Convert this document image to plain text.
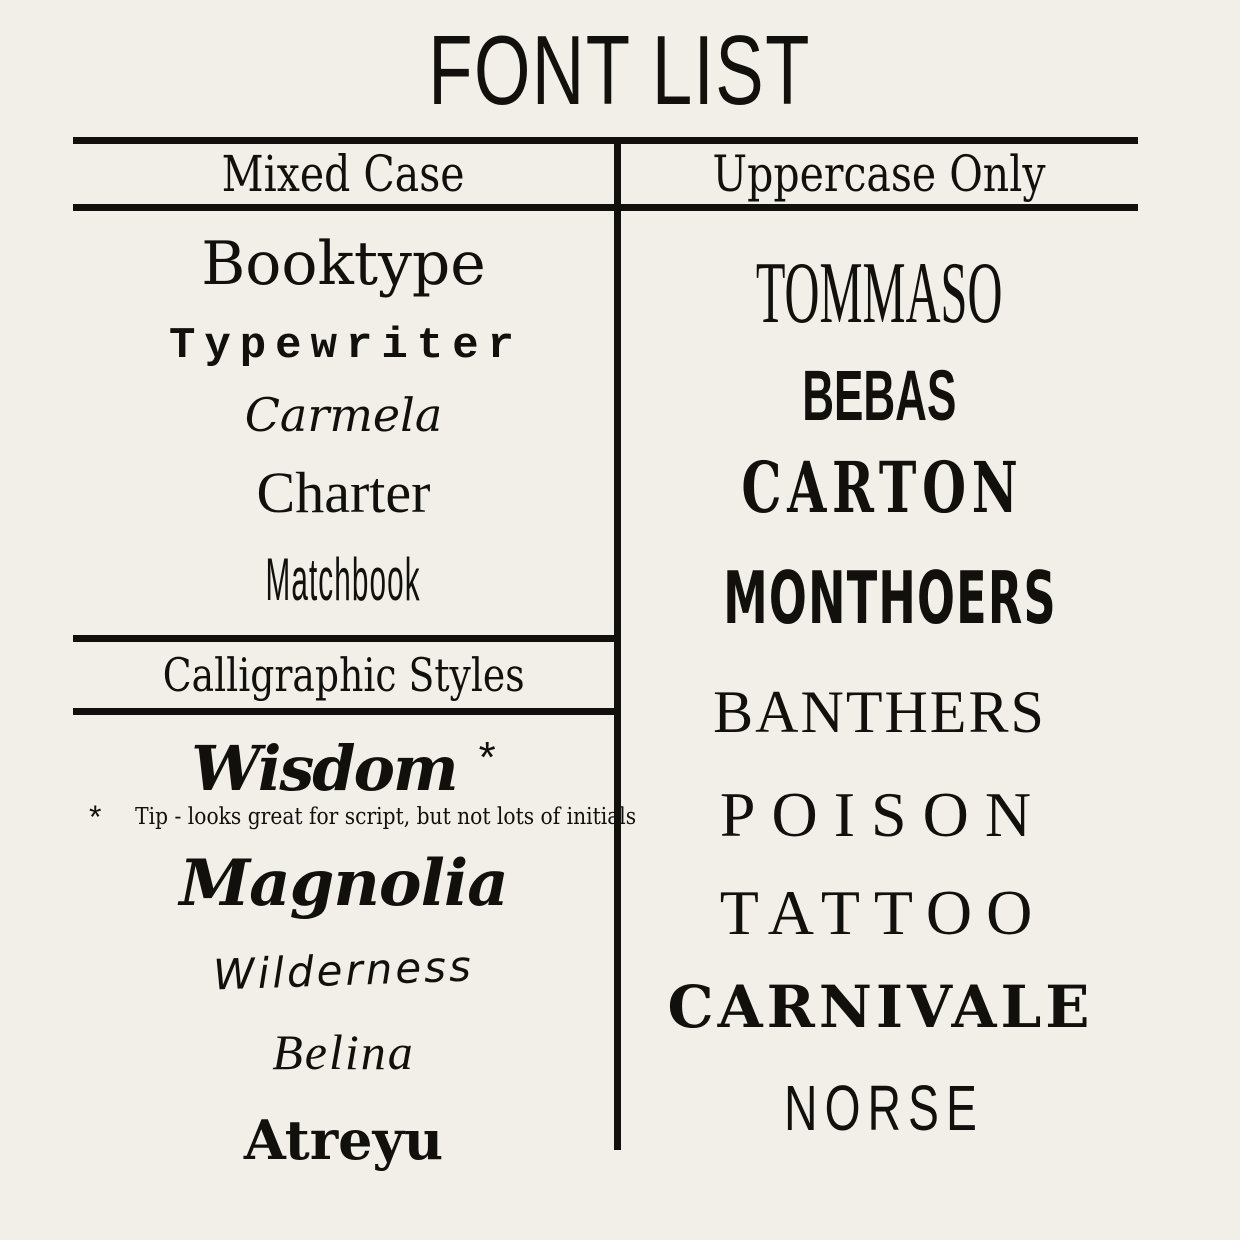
FONT LIST
Mixed Case	Uppercase Only
Calligraphic Styles
Booktype
Typewriter
Carmela
Charter
Matchbook
Wisdom *
*	Tip - looks great for script, but not lots of initials
Magnolia
Wilderness
Belina
Atreyu
TOMMASO
BEBAS
CARTON
MONTHOERS
BANTHERS
POISON
TATTOO
CARNIVALE
NORSE
